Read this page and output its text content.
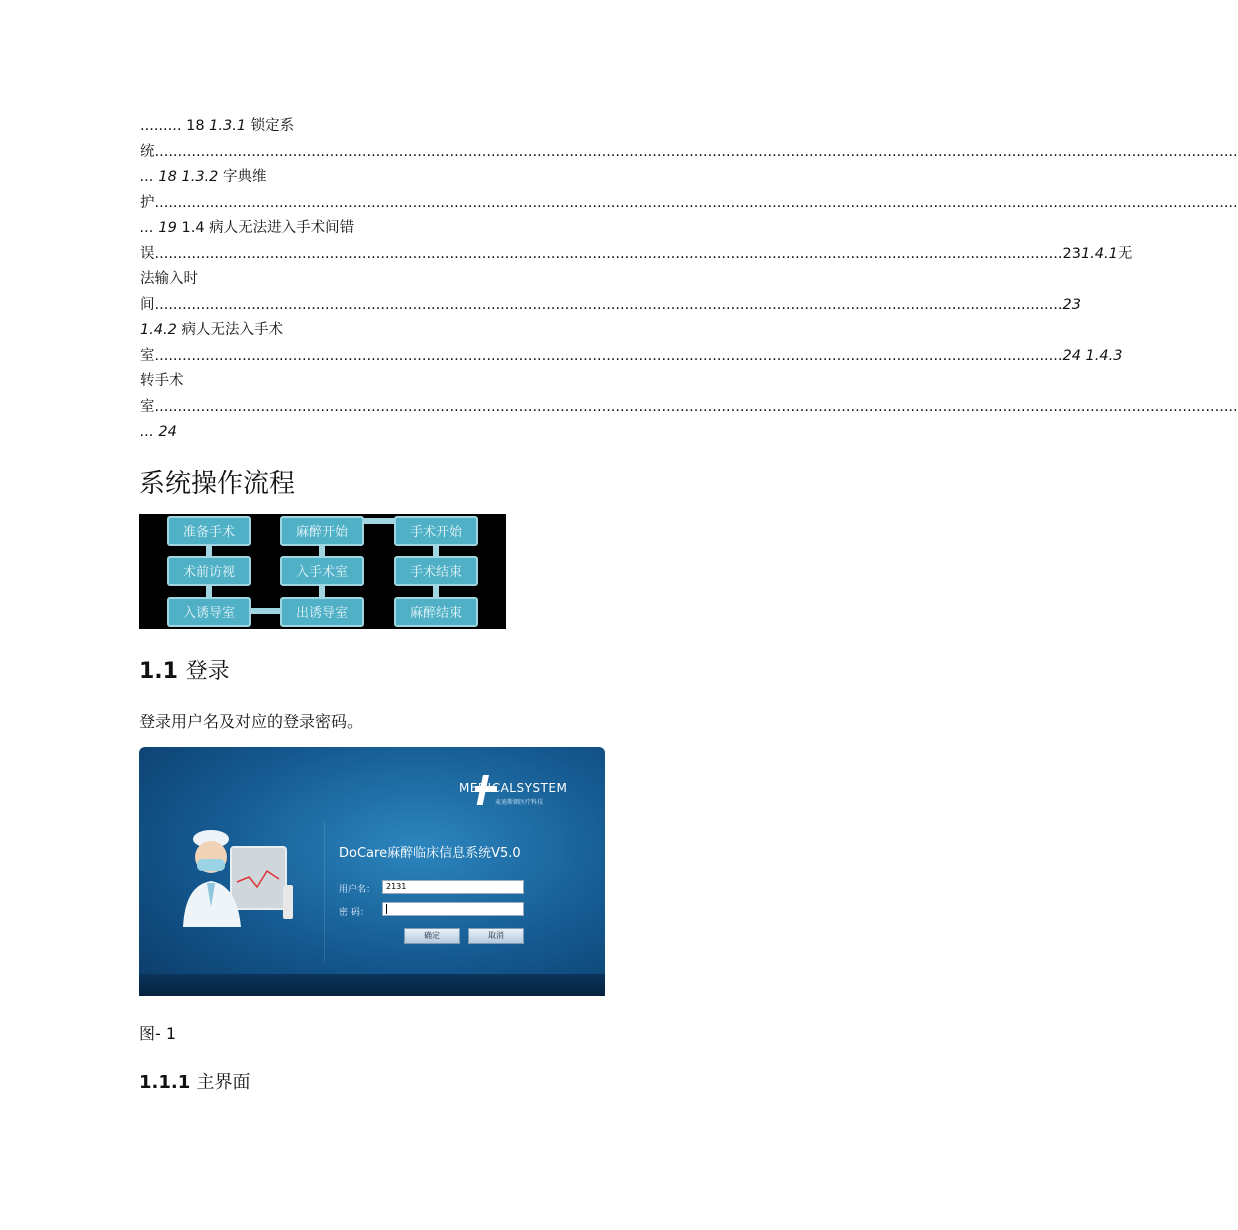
......... 18 1.3.1 锁定系
统 .....
... 18 1.3.2 字典维
护 .....
... 19 1.4 病人无法进入手术间错
误 ..................................................................................................................................................................................................... 23 1.4.1 无
法输入时
间 ..................................................................................................................................................................................................... 23
1.4.2 病人无法入手术
室 ..................................................................................................................................................................................................... 24 1.4.3
转手术
室 .....
... 24
系统操作流程
准备手术
术前访视
入诱导室
麻醉开始
入手术室
出诱导室
手术开始
手术结束
麻醉结束
1.1 登录

登录用户名及对应的登录密码。

MEDICALSYSTEM
麦迪斯顿医疗科技
DoCare麻醉临床信息系统V5.0
用户名：	2131
密 码：
确定	取消

图- 1

1.1.1 主界面
